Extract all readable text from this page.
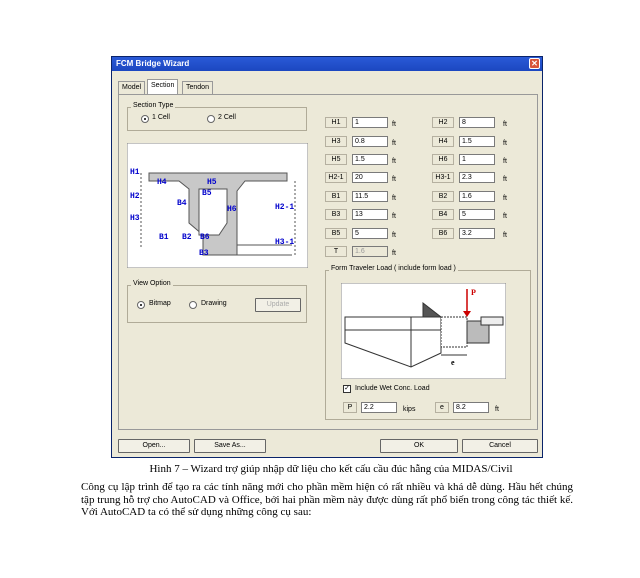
FCM Bridge Wizard	✕
Model	Section	Tendon
Section Type
1 Cell	2 Cell
H1
H2
H3
H4	H5
H6
B1 B2
B3
B4
B5
B6
H2-1
H3-1
View Option
Bitmap	Drawing	Update
H1	1	ft
H3	0.8	ft
H5	1.5	ft
H2-1	20	ft
B1	11.5	ft
B3	13	ft
B5	5	ft
T	1.6	ft
H2	8	ft
H4	1.5	ft
H6	1	ft
H3-1	2.3	ft
B2	1.6	ft
B4	5	ft
B6	3.2	ft
Form Traveler Load ( include form load )
P
e
✓ Include Wet Conc. Load
P	2.2	kips	e	8.2	ft
Open...	Save As...	OK	Cancel
Hình 7 – Wizard trợ giúp nhập dữ liệu cho kết cấu cầu đúc hẫng của MIDAS/Civil
Công cụ lập trình để tạo ra các tính năng mới cho phần mềm hiện có rất nhiều và khá dễ dùng. Hầu hết chúng tập trung hỗ trợ cho AutoCAD và Office, bởi hai phần mềm này được dùng rất phổ biến trong công tác thiết kế. Với AutoCAD ta có thể sử dụng những công cụ sau:
